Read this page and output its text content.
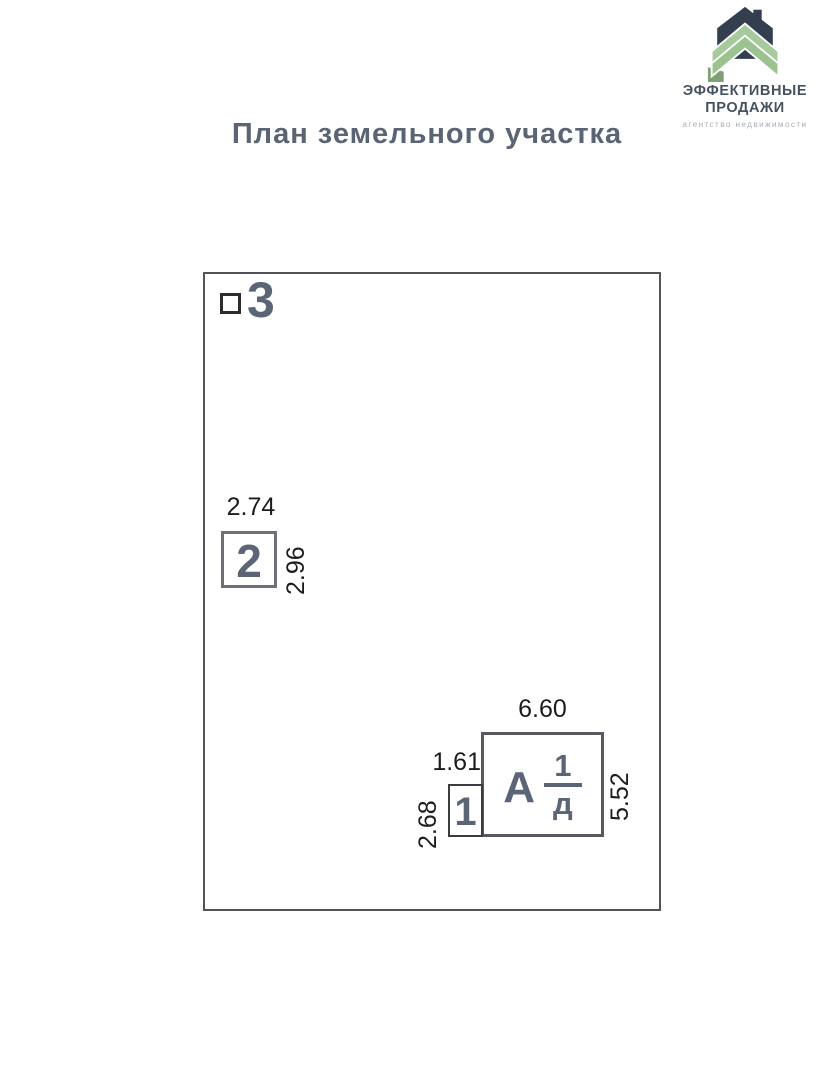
ЭФФЕКТИВНЫЕ
ПРОДАЖИ
агентство недвижимости
План земельного участка
3
2.74
2 2.96
6.60
А $\frac{1}{д} 5.52$
1.61
1
2.68
